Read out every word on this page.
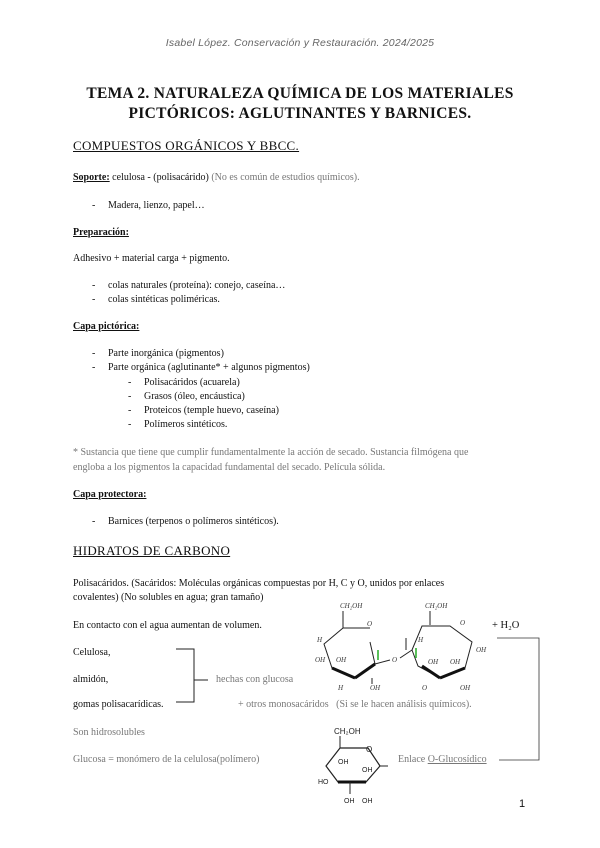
Isabel López. Conservación y Restauración. 2024/2025
TEMA 2. NATURALEZA QUÍMICA DE LOS MATERIALES
PICTÓRICOS: AGLUTINANTES Y BARNICES.
COMPUESTOS ORGÁNICOS Y BBCC.
Soporte: celulosa - (polisacárido) (No es común de estudios químicos).
- Madera, lienzo, papel…
Preparación:
Adhesivo + material carga + pigmento.
- colas naturales (proteína): conejo, caseína…
- colas sintéticas poliméricas.
Capa pictórica:
- Parte inorgánica (pigmentos)
- Parte orgánica (aglutinante* + algunos pigmentos)
- Polisacáridos (acuarela)
- Grasos (óleo, encáustica)
- Proteicos (temple huevo, caseína)
- Polímeros sintéticos.
* Sustancia que tiene que cumplir fundamentalmente la acción de secado. Sustancia filmógena que
engloba a los pigmentos la capacidad fundamental del secado. Película sólida.
Capa protectora:
- Barnices (terpenos o polímeros sintéticos).
HIDRATOS DE CARBONO
Polisacáridos. (Sacáridos: Moléculas orgánicas compuestas por H, C y O, unidos por enlaces
covalentes) (No solubles en agua; gran tamaño)
En contacto con el agua aumentan de volumen.
Celulosa,
almidón,
gomas polisacarídicas.
hechas con glucosa
+ otros monosacáridos (Si se le hacen análisis químicos).
Son hidrosolubles
Glucosa = monómero de la celulosa(polímero)	Enlace O-Glucosídico
+ H₂O
CH₂OH	CH₂OH
O
H
OH OH
H	OH
O
O
H
OH OH
O	OH
OH
CH₂OH
O
OH
OH
HO
OH OH	1
